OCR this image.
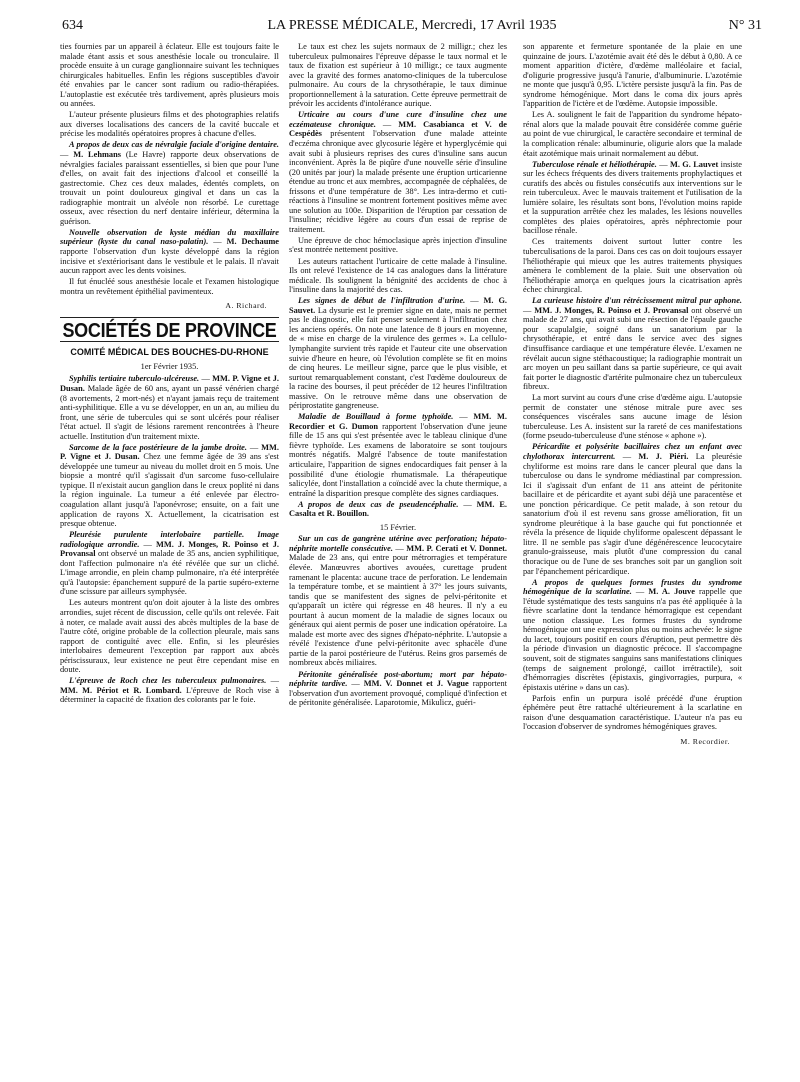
634	LA PRESSE MÉDICALE, Mercredi, 17 Avril 1935	N° 31

ties fournies par un appareil à éclateur. Elle est toujours faite le malade étant assis et sous anesthésie locale ou tronculaire. Il procède ensuite à un curage ganglionnaire suivant les techniques chirurgicales habituelles. Enfin les régions susceptibles d'avoir été envahies par le cancer sont radium ou radio-thérapiées. L'autoplastie est exécutée très tardivement, après plusieurs mois ou années.

L'auteur présente plusieurs films et des photographies relatifs aux diverses localisations des cancers de la cavité buccale et précise les modalités opératoires propres à chacune d'elles.

A propos de deux cas de névralgie faciale d'origine dentaire. — M. Lehmans (Le Havre) rapporte deux observations de névralgies faciales paraissant essentielles, si bien que pour l'une d'elles, on avait fait des injections d'alcool et conseillé la gastrectomie. Chez ces deux malades, édentés complets, on trouvait un point douloureux gingival et dans un cas la radiographie montrait un alvéole non résorbé. Le curettage osseux, avec résection du nerf dentaire inférieur, détermina la guérison.

Nouvelle observation de kyste médian du maxillaire supérieur (kyste du canal naso-palatin). — M. Dechaume rapporte l'observation d'un kyste développé dans la région incisive et s'extériorisant dans le vestibule et le palais. Il n'avait aucun rapport avec les dents voisines.

Il fut énucléé sous anesthésie locale et l'examen histologique montra un revêtement épithélial pavimenteux.

A. Richard.

SOCIÉTÉS DE PROVINCE
COMITÉ MÉDICAL DES BOUCHES-DU-RHONE
1er Février 1935.

Syphilis tertiaire tuberculo-ulcéreuse. — MM. P. Vigne et J. Dusan. Malade âgée de 60 ans, ayant un passé vénérien chargé (8 avortements, 2 mort-nés) et n'ayant jamais reçu de traitement anti-syphilitique. Elle a vu se développer, en un an, au milieu du front, une série de tubercules qui se sont ulcérés pour réaliser l'état actuel. Il s'agit de lésions rarement rencontrées à l'heure actuelle. Institution d'un traitement mixte.

Sarcome de la face postérieure de la jambe droite. — MM. P. Vigne et J. Dusan. Chez une femme âgée de 39 ans s'est développée une tumeur au niveau du mollet droit en 5 mois. Une biopsie a montré qu'il s'agissait d'un sarcome fuso-cellulaire typique. Il n'existait aucun ganglion dans le creux poplité ni dans la région inguinale. La tumeur a été enlevée par électro-coagulation allant jusqu'à l'aponévrose; ensuite, on a fait une application de rayons X. Actuellement, la cicatrisation est presque obtenue.

Pleurésie purulente interlobaire partielle. Image radiologique arrondie. — MM. J. Monges, R. Poinso et J. Provansal ont observé un malade de 35 ans, ancien syphilitique, dont l'affection pulmonaire n'a été révélée que sur un cliché. L'image arrondie, en plein champ pulmonaire, n'a été interprétée qu'à l'autopsie: épanchement suppuré de la partie supéro-externe d'une scissure par ailleurs symphysée.

Les auteurs montrent qu'on doit ajouter à la liste des ombres arrondies, sujet récent de discussion, celle qu'ils ont relevée. Fait à noter, ce malade avait aussi des abcès multiples de la base de l'autre côté, origine probable de la collection pleurale, mais sans rapport de contiguïté avec elle. Enfin, si les pleurésies interlobaires demeurent l'exception par rapport aux abcès périscissuraux, leur existence ne peut être cependant mise en doute.

L'épreuve de Roch chez les tuberculeux pulmonaires. — MM. M. Périot et R. Lombard. L'épreuve de Roch vise à déterminer la capacité de fixation des colorants par le foie.

Le taux est chez les sujets normaux de 2 milligr.; chez les tuberculeux pulmonaires l'épreuve dépasse le taux normal et le taux de fixation est supérieur à 10 milligr.; ce taux augmente avec la gravité des formes anatomo-cliniques de la tuberculose pulmonaire. Au cours de la chrysothérapie, le taux diminue proportionnellement à la saturation. Cette épreuve permettrait de prévoir les accidents d'intolérance aurique.

Urticaire au cours d'une cure d'insuline chez une eczémateuse chronique. — MM. Casabianca et V. de Cespédès présentent l'observation d'une malade atteinte d'eczéma chronique avec glycosurie légère et hyperglycémie qui avait subi à plusieurs reprises des cures d'insuline sans aucun inconvénient. Après la 8e piqûre d'une nouvelle série d'insuline (20 unités par jour) la malade présente une éruption urticarienne étendue au tronc et aux membres, accompagnée de céphalées, de frissons et d'une température de 38°. Les intra-dermo et cuti-réactions à l'insuline se montrent fortement positives même avec une solution au 100e. Disparition de l'éruption par cessation de l'insuline; récidive légère au cours d'un essai de reprise de traitement.

Une épreuve de choc hémoclasique après injection d'insuline s'est montrée nettement positive.

Les auteurs rattachent l'urticaire de cette malade à l'insuline. Ils ont relevé l'existence de 14 cas analogues dans la littérature médicale. Ils soulignent la bénignité des accidents de choc à l'insuline dans la majorité des cas.

Les signes de début de l'infiltration d'urine. — M. G. Sauvet. La dysurie est le premier signe en date, mais ne permet pas le diagnostic, elle fait penser seulement à l'infiltration chez les anciens opérés. On note une latence de 8 jours en moyenne, de « mise en charge de la virulence des germes ». La cellulo-lymphangite survient très rapide et l'auteur cite une observation suivie d'heure en heure, où l'évolution complète se fit en moins de cinq heures. Le meilleur signe, parce que le plus visible, et surtout remarquablement constant, c'est l'œdème douloureux de la racine des bourses, il peut précéder de 12 heures l'infiltration massive. On le retrouve même dans une observation de périprostatite gangreneuse.

Maladie de Bouillaud à forme typhoïde. — MM. M. Recordier et G. Dumon rapportent l'observation d'une jeune fille de 15 ans qui s'est présentée avec le tableau clinique d'une fièvre typhoïde. Les examens de laboratoire se sont toujours montrés négatifs. Malgré l'absence de toute manifestation articulaire, l'apparition de signes endocardiques fait penser à la possibilité d'une étiologie rhumatismale. La thérapeutique salicylée, dont l'installation a coïncidé avec la chute thermique, a entraîné la disparition presque complète des signes cardiaques.

A propos de deux cas de pseudencéphalie. — MM. E. Casalta et R. Bouillon.

15 Février.

Sur un cas de gangrène utérine avec perforation; hépato-néphrite mortelle consécutive. — MM. P. Cerati et V. Donnet. Malade de 23 ans, qui entre pour métrorragies et température élevée. Manœuvres abortives avouées, curettage prudent ramenant le placenta: aucune trace de perforation. Le lendemain la température tombe, et se maintient à 37° les jours suivants, tandis que se manifestent des signes de pelvi-péritonite et qu'apparaît un ictère qui régresse en 48 heures. Il n'y a eu pourtant à aucun moment de la maladie de signes locaux ou généraux qui aient permis de poser une indication opératoire. La malade est morte avec des signes d'hépato-néphrite. L'autopsie a révélé l'existence d'une pelvi-péritonite avec sphacèle d'une partie de la paroi postérieure de l'utérus. Reins gros parsemés de nombreux abcès miliaires.

Péritonite généralisée post-abortum; mort par hépato-néphrite tardive. — MM. V. Donnet et J. Vague rapportent l'observation d'un avortement provoqué, compliqué d'infection et de péritonite généralisée. Laparotomie, Mikulicz, guéri-

son apparente et fermeture spontanée de la plaie en une quinzaine de jours. L'azotémie avait été dès le début à 0,80. A ce moment apparition d'ictère, d'œdème malléolaire et facial, d'oligurie progressive jusqu'à l'anurie, d'albuminurie. L'azotémie ne monte que jusqu'à 0,95. L'ictère persiste jusqu'à la fin. Pas de syndrome hémogénique. Mort dans le coma dix jours après l'apparition de l'ictère et de l'œdème. Autopsie impossible.

Les A. soulignent le fait de l'apparition du syndrome hépato-rénal alors que la malade pouvait être considérée comme guérie au point de vue chirurgical, le caractère secondaire et terminal de la complication rénale: albuminurie, oligurie alors que la malade était azotémique mais urinait normalement au début.

Tuberculose rénale et héliothérapie. — M. G. Lauvet insiste sur les échecs fréquents des divers traitements prophylactiques et curatifs des abcès ou fistules consécutifs aux interventions sur le rein tuberculeux. Avec le mauvais traitement et l'utilisation de la lumière solaire, les résultats sont bons, l'évolution moins rapide et la suppuration arrêtée chez les malades, les lésions nouvelles complètes des plaies opératoires, après néphrectomie pour bacillose rénale.

Ces traitements doivent surtout lutter contre les tuberculisations de la paroi. Dans ces cas on doit toujours essayer l'héliothérapie qui mieux que les autres traitements physiques amènera le comblement de la plaie. Suit une observation où l'héliothérapie amorça en quelques jours la cicatrisation après échec chirurgical.

La curieuse histoire d'un rétrécissement mitral pur aphone. — MM. J. Monges, R. Poinso et J. Provansal ont observé un malade de 27 ans, qui avait subi une résection de l'épaule gauche pour scapulalgie, soigné dans un sanatorium par la chrysothérapie, et entré dans le service avec des signes d'insuffisance cardiaque et une température élevée. L'examen ne révélait aucun signe stéthacoustique; la radiographie montrait un arc moyen un peu saillant dans sa partie supérieure, ce qui avait fait porter le diagnostic d'artérite pulmonaire chez un tuberculeux fibreux.

La mort survint au cours d'une crise d'œdème aigu. L'autopsie permit de constater une sténose mitrale pure avec ses conséquences viscérales sans aucune image de lésion tuberculeuse. Les A. insistent sur la rareté de ces manifestations (forme pseudo-tuberculeuse d'une sténose « aphone »).

Péricardite et polysérite bacillaires chez un enfant avec chylothorax intercurrent. — M. J. Piéri. La pleurésie chyliforme est moins rare dans le cancer pleural que dans la tuberculose ou dans le syndrome médiastinal par compression. Ici il s'agissait d'un enfant de 11 ans atteint de péritonite bacillaire et de péricardite et ayant subi déjà une paracentèse et une ponction péricardique. Ce petit malade, à son retour du sanatorium d'où il est revenu sans grosse amélioration, fit un syndrome pleurétique à la base gauche qui fut ponctionnée et révéla la présence de liquide chyliforme opalescent dépassant le litre. Il ne semble pas s'agir d'une dégénérescence leucocytaire granulo-graisseuse, mais plutôt d'une compression du canal thoracique ou de l'une de ses branches soit par un ganglion soit par l'épanchement péricardique.

A propos de quelques formes frustes du syndrome hémogénique de la scarlatine. — M. A. Jouve rappelle que l'étude systématique des tests sanguins n'a pas été appliquée à la fièvre scarlatine dont la tendance hémorragique est cependant une notion classique. Les formes frustes du syndrome hémogénique ont une expression plus ou moins achevée: le signe du lacet, toujours positif en cours d'éruption, peut permettre dès la période d'invasion un diagnostic précoce. Il s'accompagne souvent, soit de stigmates sanguins sans manifestations cliniques (temps de saignement prolongé, caillot irrétractile), soit d'hémorragies discrètes (épistaxis, gingivorragies, purpura, « épistaxis utérine » dans un cas).

Parfois enfin un purpura isolé précédé d'une éruption éphémère peut être rattaché ultérieurement à la scarlatine en raison d'une desquamation caractéristique. L'auteur n'a pas eu l'occasion d'observer de syndromes hémogéniques graves.

M. Recordier.
